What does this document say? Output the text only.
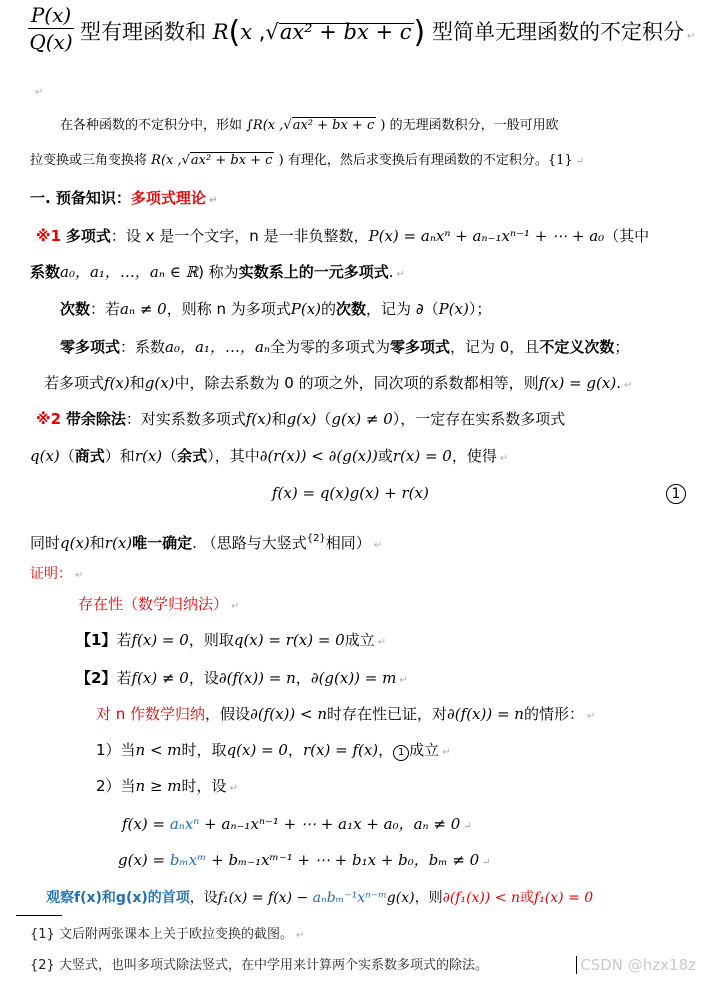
P(x)
Q(x) 型有理函数和 R(x ,√ax² + bx + c) 型简单无理函数的不定积分 ↵
↵
在各种函数的不定积分中，形如 ∫R(x ,√ax² + bx + c ) 的无理函数积分，一般可用欧
拉变换或三角变换将 R(x ,√ax² + bx + c ) 有理化，然后求变换后有理函数的不定积分。{1} ↵
一. 预备知识：多项式理论 ↵
※1 多项式：设 x 是一个文字，n 是一非负整数，P(x) = aₙxⁿ + aₙ₋₁xⁿ⁻¹ + ⋯ + a₀（其中
系数a₀，a₁，…，aₙ ∈ ℝ) 称为实数系上的一元多项式. ↵
次数：若aₙ ≠ 0，则称 n 为多项式P(x)的次数，记为 ∂（P(x)）；
零多项式：系数a₀，a₁，…，aₙ全为零的多项式为零多项式，记为 0，且不定义次数；
若多项式f(x)和g(x)中，除去系数为 0 的项之外，同次项的系数都相等，则f(x) = g(x). ↵
※2 带余除法：对实系数多项式f(x)和g(x)（g(x) ≠ 0），一定存在实系数多项式
q(x)（商式）和r(x)（余式），其中∂(r(x)) < ∂(g(x))或r(x) = 0，使得 ↵
f(x) = q(x)g(x) + r(x)	1
同时q(x)和r(x)唯一确定. （思路与大竖式$^{\{2\}}$相同） ↵
证明： ↵
存在性（数学归纳法） ↵
【1】若f(x) = 0，则取q(x) = r(x) = 0成立 ↵
【2】若f(x) ≠ 0，设∂(f(x)) = n，∂(g(x)) = m ↵
对 n 作数学归纳，假设∂(f(x)) < n时存在性已证，对∂(f(x)) = n的情形： ↵
1）当n < m时，取q(x) = 0，r(x) = f(x)， 1 成立 ↵
2）当n ≥ m时，设 ↵
f(x) = aₙxⁿ + aₙ₋₁xⁿ⁻¹ + ⋯ + a₁x + a₀，aₙ ≠ 0 ↵
g(x) = bₘxᵐ + bₘ₋₁xᵐ⁻¹ + ⋯ + b₁x + b₀，bₘ ≠ 0 ↵
观察f(x)和g(x)的首项，设f₁(x) = f(x) − aₙbₘ⁻¹xⁿ⁻ᵐg(x)，则∂(f₁(x)) < n或f₁(x) = 0
{1} 文后附两张课本上关于欧拉变换的截图。 ↵
{2} 大竖式，也叫多项式除法竖式，在中学用来计算两个实系数多项式的除法。	CSDN @hzx18z
